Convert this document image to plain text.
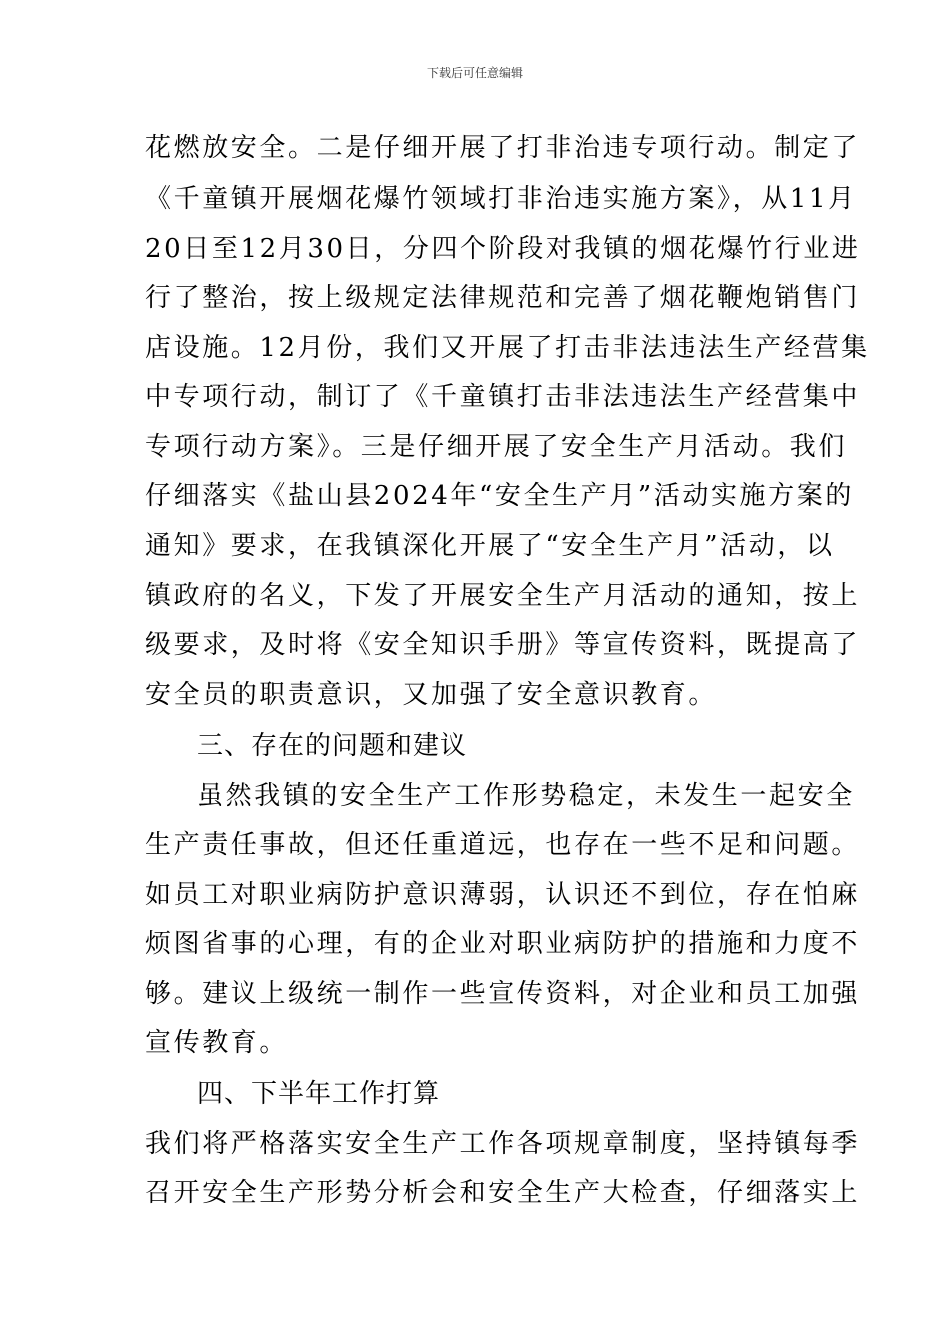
下载后可任意编辑
花燃放安全。二是仔细开展了打非治违专项行动。制定了
《千童镇开展烟花爆竹领域打非治违实施方案》，从11月
20日至12月30日，分四个阶段对我镇的烟花爆竹行业进
行了整治，按上级规定法律规范和完善了烟花鞭炮销售门
店设施。12月份，我们又开展了打击非法违法生产经营集
中专项行动，制订了《千童镇打击非法违法生产经营集中
专项行动方案》。三是仔细开展了安全生产月活动。我们
仔细落实《盐山县2024年“安全生产月”活动实施方案的
通知》要求，在我镇深化开展了“安全生产月”活动，以
镇政府的名义，下发了开展安全生产月活动的通知，按上
级要求，及时将《安全知识手册》等宣传资料，既提高了
安全员的职责意识，又加强了安全意识教育。
三、存在的问题和建议
虽然我镇的安全生产工作形势稳定，未发生一起安全
生产责任事故，但还任重道远，也存在一些不足和问题。
如员工对职业病防护意识薄弱，认识还不到位，存在怕麻
烦图省事的心理，有的企业对职业病防护的措施和力度不
够。建议上级统一制作一些宣传资料，对企业和员工加强
宣传教育。
四、下半年工作打算
我们将严格落实安全生产工作各项规章制度，坚持镇每季
召开安全生产形势分析会和安全生产大检查，仔细落实上
